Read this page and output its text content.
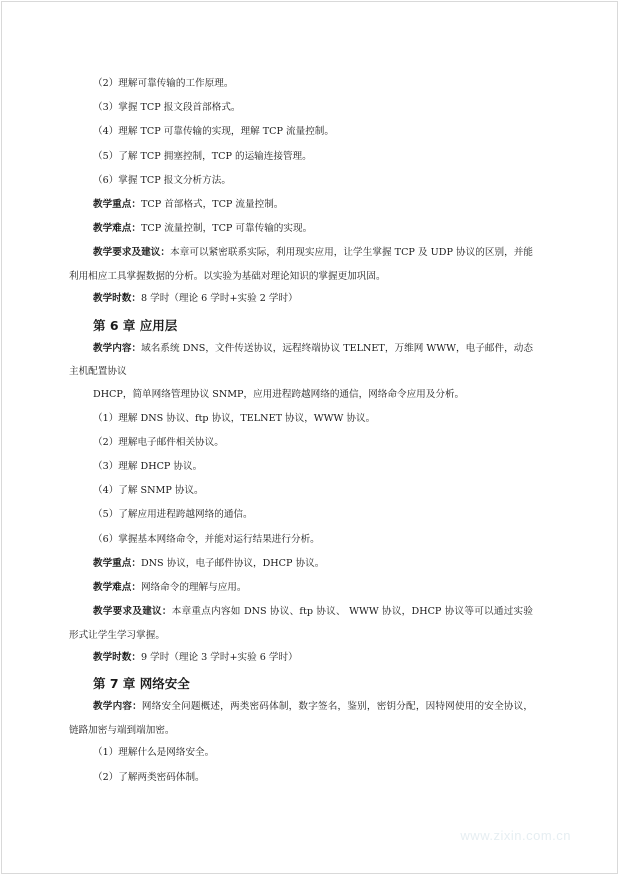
（2）理解可靠传输的工作原理。
（3）掌握 TCP 报文段首部格式。
（4）理解 TCP 可靠传输的实现，理解 TCP 流量控制。
（5）了解 TCP 拥塞控制，TCP 的运输连接管理。
（6）掌握 TCP 报文分析方法。
教学重点：TCP 首部格式，TCP 流量控制。
教学难点：TCP 流量控制，TCP 可靠传输的实现。
教学要求及建议：本章可以紧密联系实际，利用现实应用，让学生掌握 TCP 及 UDP 协议的区别，并能利用相应工具掌握数据的分析。以实验为基础对理论知识的掌握更加巩固。
教学时数：8 学时（理论 6 学时+实验 2 学时）
第 6 章 应用层
教学内容：域名系统 DNS，文件传送协议，远程终端协议 TELNET，万维网 WWW，电子邮件，动态主机配置协议
DHCP，简单网络管理协议 SNMP，应用进程跨越网络的通信，网络命令应用及分析。
（1）理解 DNS 协议、ftp 协议，TELNET 协议，WWW 协议。
（2）理解电子邮件相关协议。
（3）理解 DHCP 协议。
（4）了解 SNMP 协议。
（5）了解应用进程跨越网络的通信。
（6）掌握基本网络命令，并能对运行结果进行分析。
教学重点：DNS 协议，电子邮件协议，DHCP 协议。
教学难点：网络命令的理解与应用。
教学要求及建议：本章重点内容如 DNS 协议、ftp 协议、 WWW 协议，DHCP 协议等可以通过实验形式让学生学习掌握。
教学时数：9 学时（理论 3 学时+实验 6 学时）
第 7 章 网络安全
教学内容：网络安全问题概述，两类密码体制，数字签名，鉴别，密钥分配，因特网使用的安全协议，链路加密与端到端加密。
（1）理解什么是网络安全。
（2）了解两类密码体制。
www.zixin.com.cn
